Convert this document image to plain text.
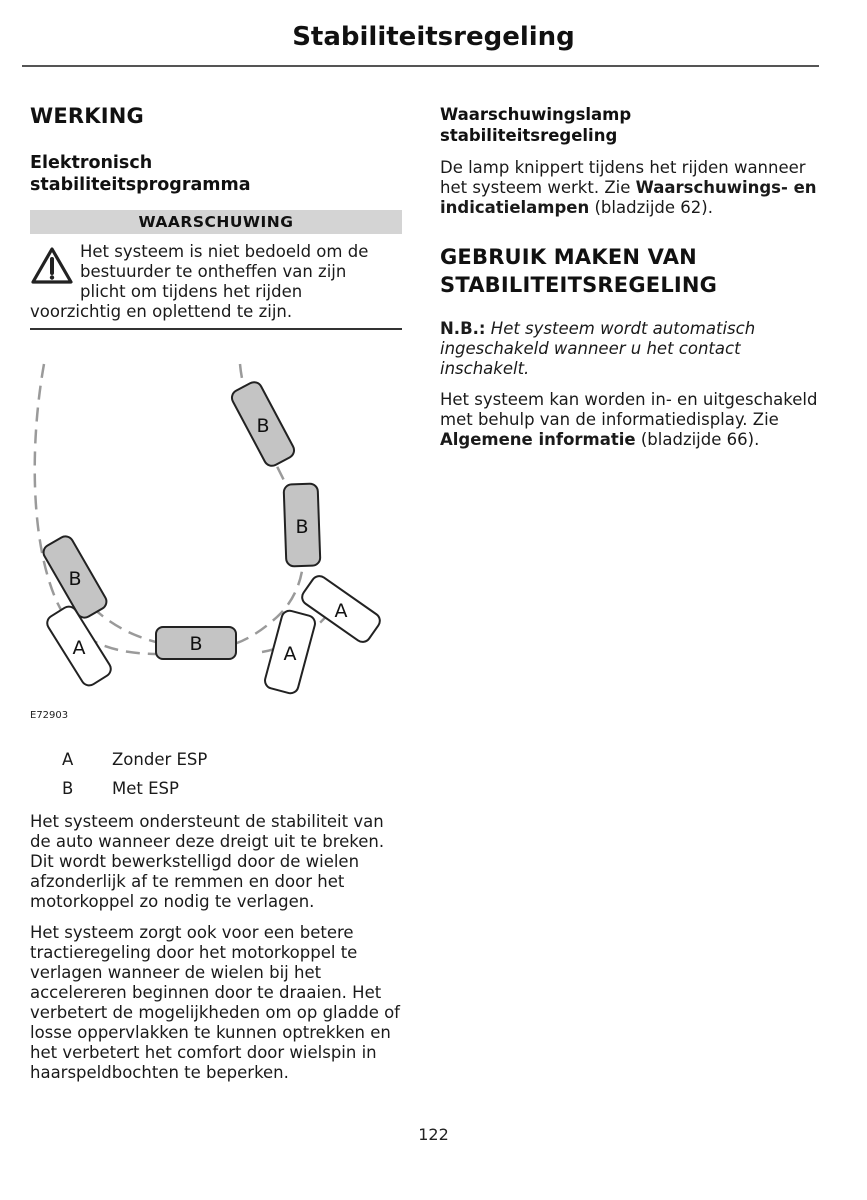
Stabiliteitsregeling
WERKING
Elektronisch
stabiliteitsprogramma
WAARSCHUWING
Het systeem is niet bedoeld om de
bestuurder te ontheffen van zijn
plicht om tijdens het rijden
voorzichtig en oplettend te zijn.
B
B
B
B
A
A
A
E72903
A	Zonder ESP
B	Met ESP

Het systeem ondersteunt de stabiliteit van de auto wanneer deze dreigt uit te breken. Dit wordt bewerkstelligd door de wielen afzonderlijk af te remmen en door het motorkoppel zo nodig te verlagen.

Het systeem zorgt ook voor een betere tractieregeling door het motorkoppel te verlagen wanneer de wielen bij het accelereren beginnen door te draaien. Het verbetert de mogelijkheden om op gladde of losse oppervlakken te kunnen optrekken en het verbetert het comfort door wielspin in haarspeldbochten te beperken.

Waarschuwingslamp
stabiliteitsregeling

De lamp knippert tijdens het rijden wanneer het systeem werkt. Zie Waarschuwings- en indicatielampen (bladzijde 62).

GEBRUIK MAKEN VAN
STABILITEITSREGELING

N.B.: Het systeem wordt automatisch ingeschakeld wanneer u het contact inschakelt.

Het systeem kan worden in- en uitgeschakeld met behulp van de informatiedisplay. Zie Algemene informatie (bladzijde 66).

122
